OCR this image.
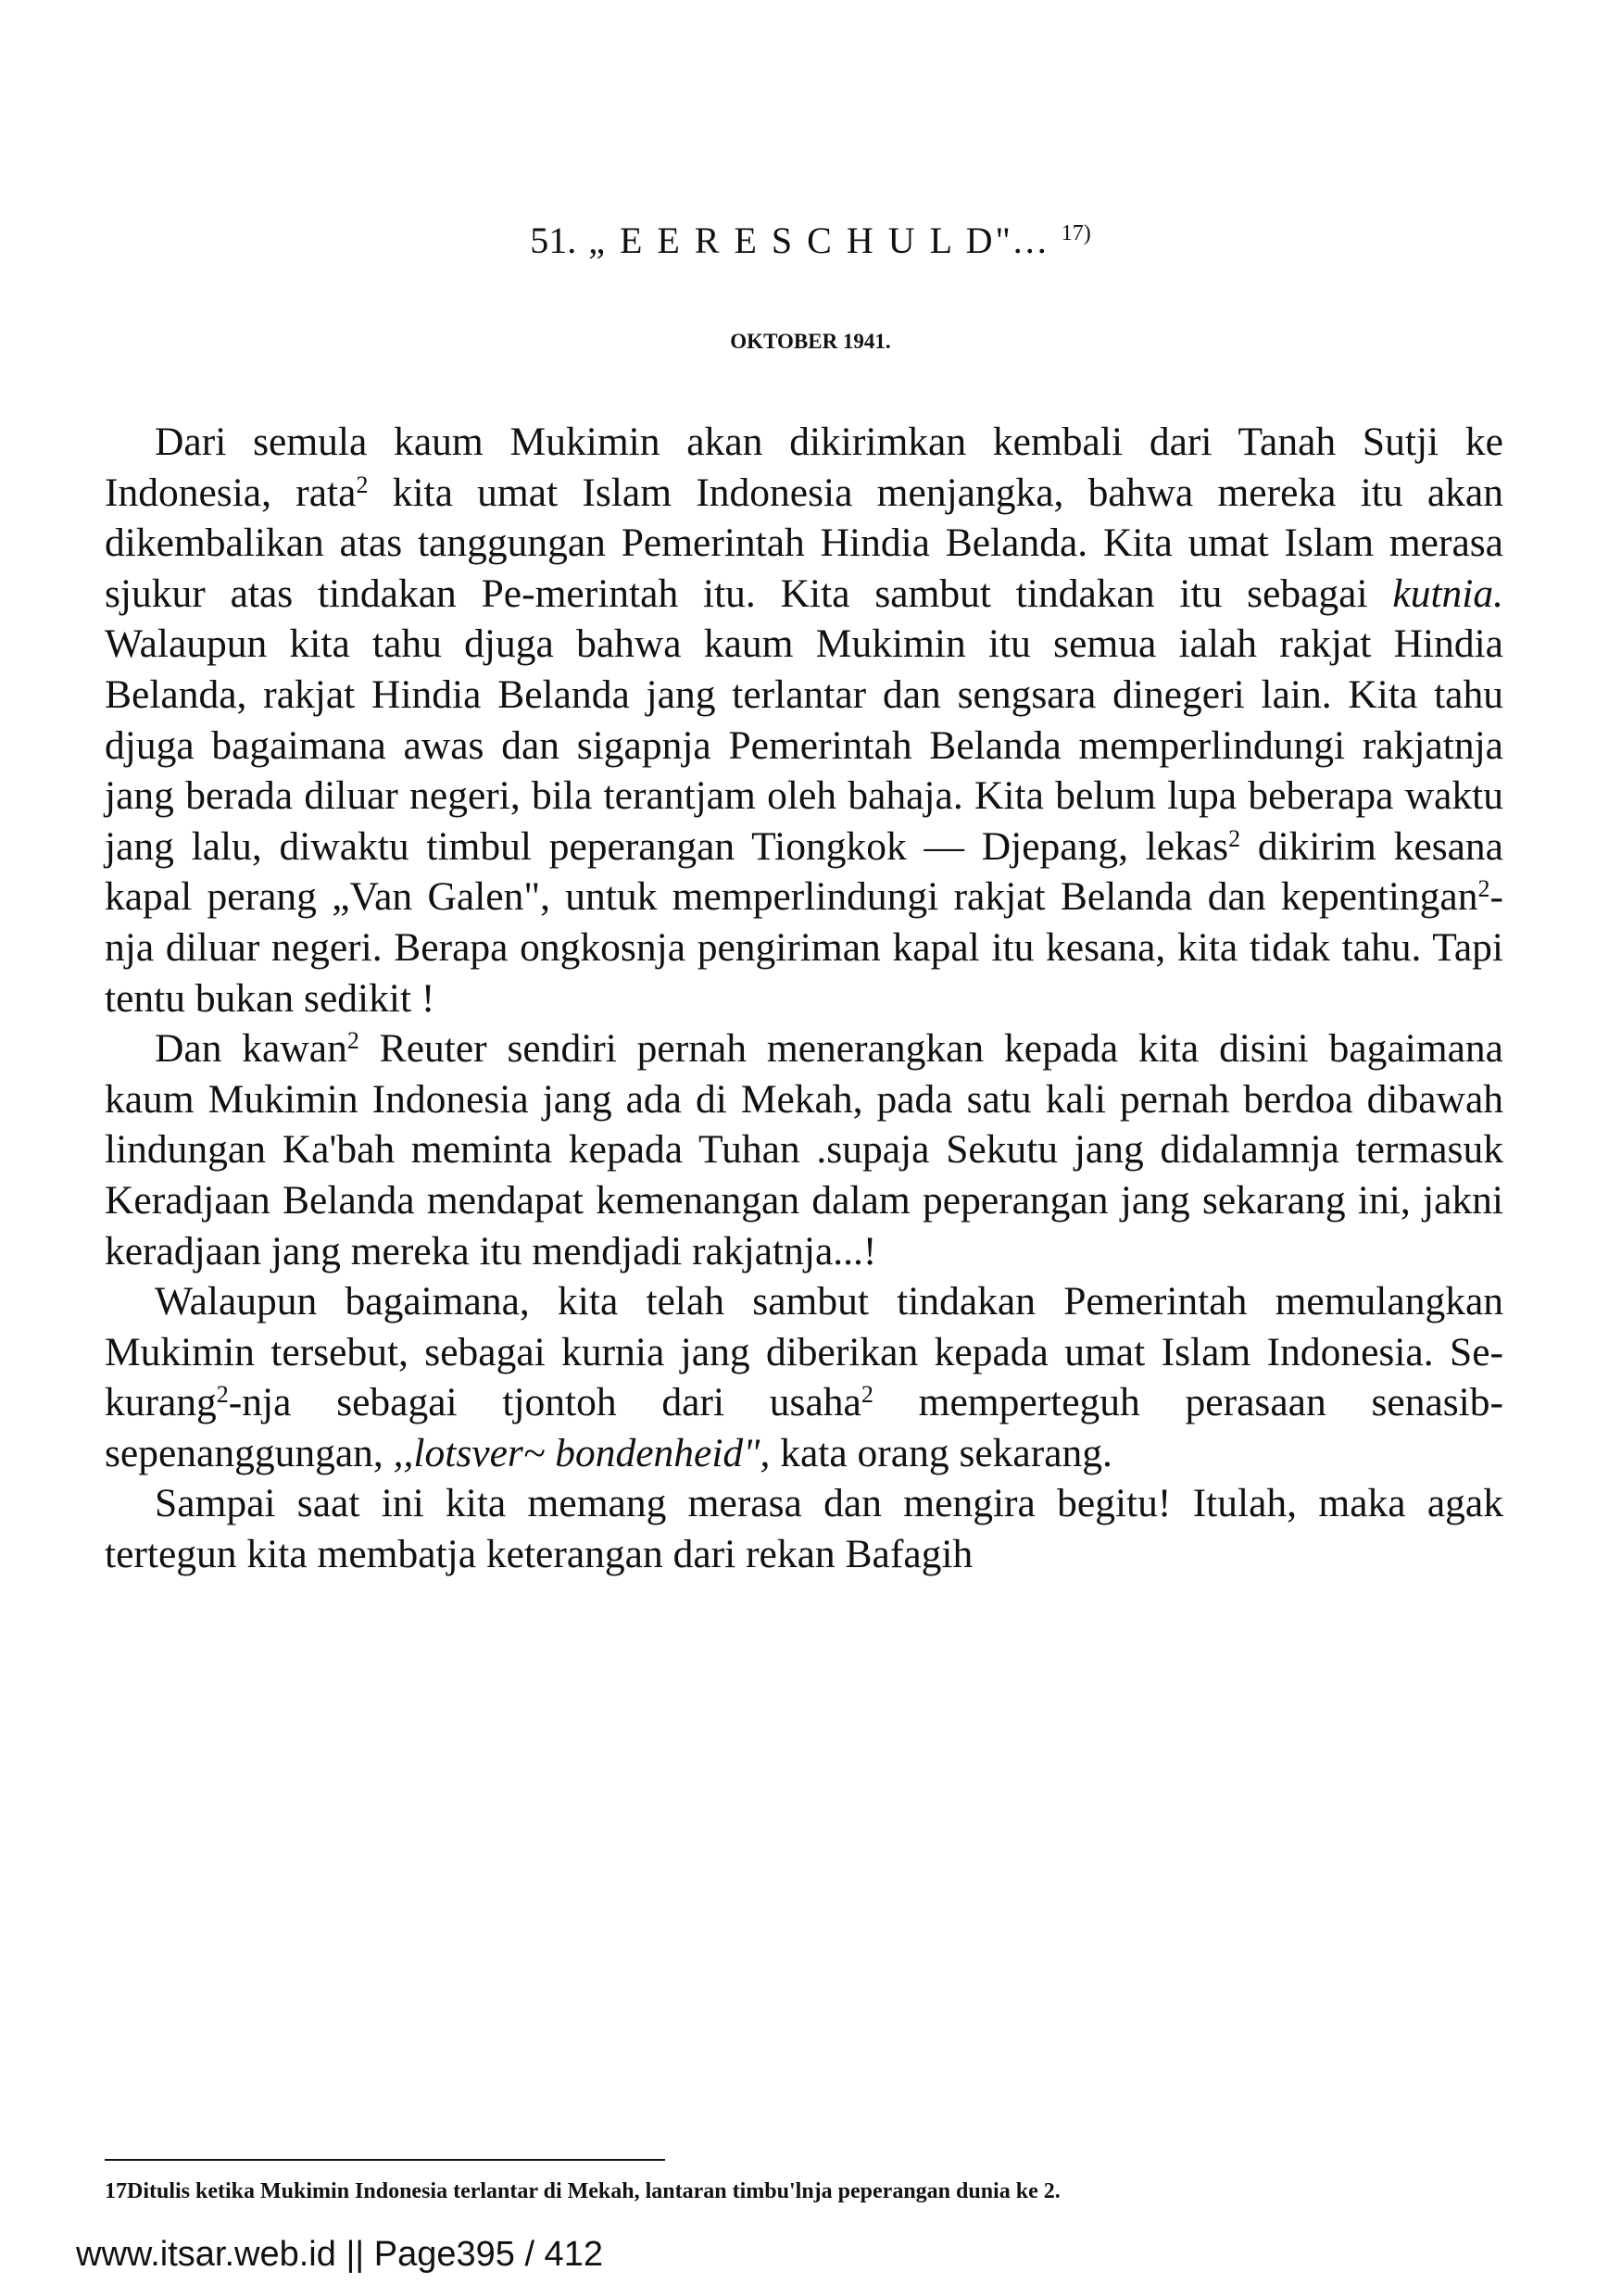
51. „ E E R E S C H U L D"... $^{17)}$
OKTOBER 1941.

Dari semula kaum Mukimin akan dikirimkan kembali dari Tanah Sutji ke Indonesia, rata$^2$ kita umat Islam Indonesia menjangka, bahwa mereka itu akan dikembalikan atas tanggungan Pemerintah Hindia Belanda. Kita umat Islam merasa sjukur atas tindakan Pe-merintah itu. Kita sambut tindakan itu sebagai kutnia. Walaupun kita tahu djuga bahwa kaum Mukimin itu semua ialah rakjat Hindia Belanda, rakjat Hindia Belanda jang terlantar dan sengsara dinegeri lain. Kita tahu djuga bagaimana awas dan sigapnja Pemerintah Belanda memperlindungi rakjatnja jang berada diluar negeri, bila terantjam oleh bahaja. Kita belum lupa beberapa waktu jang lalu, diwaktu timbul peperangan Tiongkok — Djepang, lekas$^2$ dikirim kesana kapal perang „Van Galen", untuk memperlindungi rakjat Belanda dan kepentingan$^2$-nja diluar negeri. Berapa ongkosnja pengiriman kapal itu kesana, kita tidak tahu. Tapi tentu bukan sedikit !

Dan kawan$^2$ Reuter sendiri pernah menerangkan kepada kita disini bagaimana kaum Mukimin Indonesia jang ada di Mekah, pada satu kali pernah berdoa dibawah lindungan Ka'bah meminta kepada Tuhan .supaja Sekutu jang didalamnja termasuk Keradjaan Belanda mendapat kemenangan dalam peperangan jang sekarang ini, jakni keradjaan jang mereka itu mendjadi rakjatnja...!

Walaupun bagaimana, kita telah sambut tindakan Pemerintah memulangkan Mukimin tersebut, sebagai kurnia jang diberikan kepada umat Islam Indonesia. Se-kurang$^2$-nja sebagai tjontoh dari usaha$^2$ memperteguh perasaan senasib-sepenanggungan, ,,lotsver~ bondenheid", kata orang sekarang.

Sampai saat ini kita memang merasa dan mengira begitu! Itulah, maka agak tertegun kita membatja keterangan dari rekan Bafagih

17Ditulis ketika Mukimin Indonesia terlantar di Mekah, lantaran timbu'lnja peperangan dunia ke 2.
www.itsar.web.id || Page395 / 412
